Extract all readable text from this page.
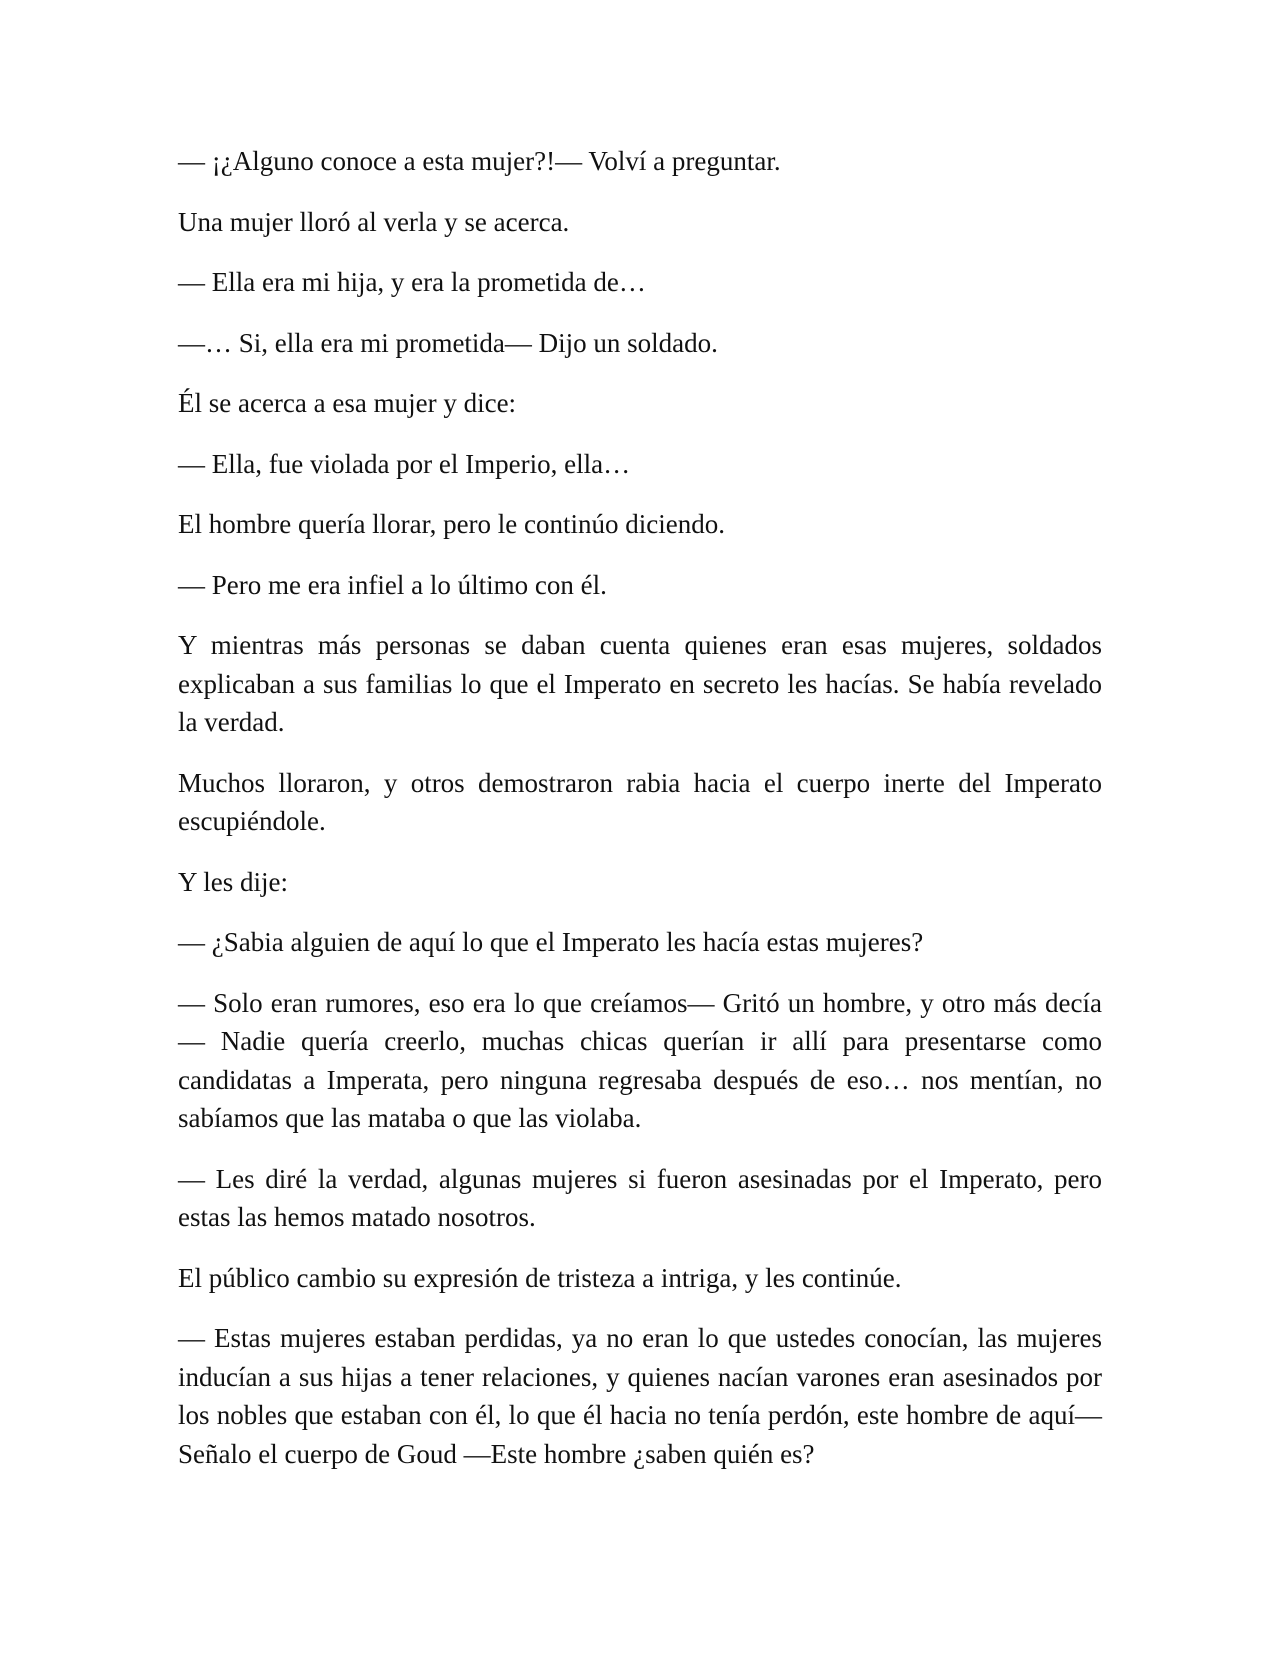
— ¡¿Alguno conoce a esta mujer?!— Volví a preguntar.

Una mujer lloró al verla y se acerca.

— Ella era mi hija, y era la prometida de…

—… Si, ella era mi prometida— Dijo un soldado.

Él se acerca a esa mujer y dice:

— Ella, fue violada por el Imperio, ella…

El hombre quería llorar, pero le continúo diciendo.

— Pero me era infiel a lo último con él.

Y mientras más personas se daban cuenta quienes eran esas mujeres, soldados explicaban a sus familias lo que el Imperato en secreto les hacías. Se había revelado la verdad.

Muchos lloraron, y otros demostraron rabia hacia el cuerpo inerte del Imperato escupiéndole.

Y les dije:

— ¿Sabia alguien de aquí lo que el Imperato les hacía estas mujeres?

— Solo eran rumores, eso era lo que creíamos— Gritó un hombre, y otro más decía — Nadie quería creerlo, muchas chicas querían ir allí para presentarse como candidatas a Imperata, pero ninguna regresaba después de eso… nos mentían, no sabíamos que las mataba o que las violaba.

— Les diré la verdad, algunas mujeres si fueron asesinadas por el Imperato, pero estas las hemos matado nosotros.

El público cambio su expresión de tristeza a intriga, y les continúe.

— Estas mujeres estaban perdidas, ya no eran lo que ustedes conocían, las mujeres inducían a sus hijas a tener relaciones, y quienes nacían varones eran asesinados por los nobles que estaban con él, lo que él hacia no tenía perdón, este hombre de aquí— Señalo el cuerpo de Goud —Este hombre ¿saben quién es?
